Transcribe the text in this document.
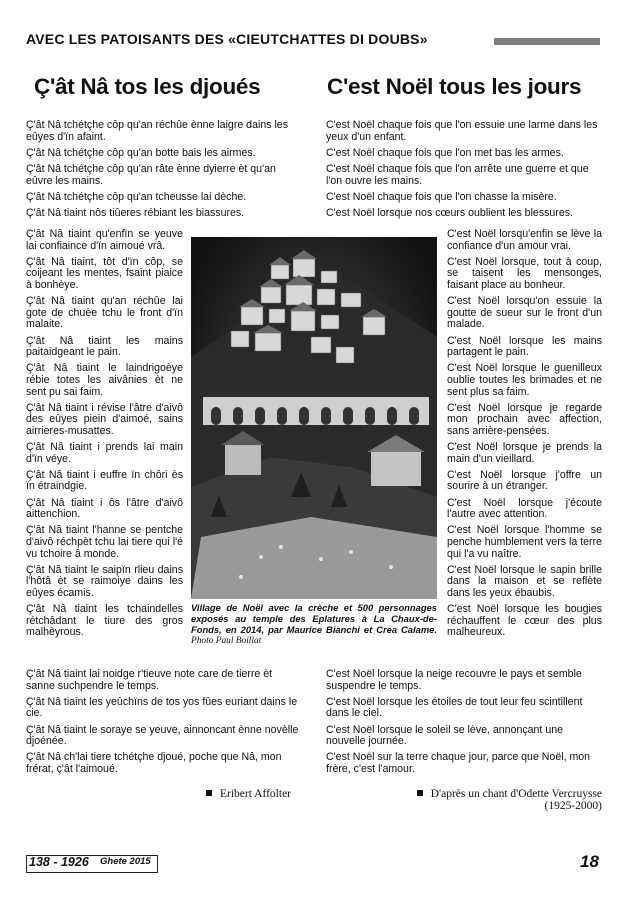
AVEC LES PATOISANTS DES «CIEUTCHATTES DI DOUBS»
Ç'ât Nâ tos les djoués	C'est Noël tous les jours

Ç'ât Nâ tchétçhe côp qu'an réchûe ènne laigre dains les eûyes d'ïn afaint.

Ç'ât Nâ tchétçhe côp qu'an botte bais les airmes.

Ç'ât Nâ tchétçhe côp qu'an râte ènne dyierre èt qu'an eûvre les mains.

Ç'ât Nâ tchétçhe côp qu'an tcheusse lai dèche.

Ç'ât Nâ tiaint nôs tiûeres rébiant les biassures.

Ç'ât Nâ tiaint qu'enfïn se yeuve lai confiaince d'ïn aimoué vrâ.

Ç'ât Nâ tiaint, tôt d'ïn côp, se coijeant les mentes, fsaint piaice à bonhèye.

Ç'ât Nâ tiaint qu'an réchûe lai gote de chuèe tchu le front d'ïn malaite.

Ç'ât Nâ tiaint les mains paitaidgeant le pain.

Ç'ât Nâ tiaint le laindrigoèye rébie totes les aivânies èt ne sent pu sai faim.

Ç'ât Nâ tiaint i révise l'âtre d'aivô des eûyes piein d'aimoé, sains airrieres-musattes.

Ç'ât Nâ tiaint i prends lai main d'ïn véye.

Ç'ât Nâ tiaint i euffre ïn chôri ès ïn étraindgie.

Ç'ât Nâ tiaint i ôs l'âtre d'aivô aittenchion.

Ç'ât Nâ tiaint l'hanne se pentche d'aivô réchpèt tchu lai tiere qui l'é vu tchoire â monde.

Ç'ât Nâ tiaint le saipïn rlieu dains l'hôtâ èt se raimoiye dains les eûyes écamis.

Ç'ât Nâ tiaint les tchaindelles rétchâdant le tiure des gros malhèyrous.

Ç'ât Nâ tiaint lai noidge r'tieuve note care de tierre èt sanne suchpendre le temps.

Ç'ât Nâ tiaint les yeûchïns de tos yos fûes euriant dains le cie.

Ç'ât Nâ tiaint le soraye se yeuve, ainnoncant ènne novèlle djoénée.

Ç'ât Nâ ch'lai tiere tchétçhe djoué, poche que Nâ, mon frérat, ç'ât l'aimoué.

C'est Noël chaque fois que l'on essuie une larme dans les yeux d'un enfant.

C'est Noël chaque fois que l'on met bas les armes.

C'est Noël chaque fois que l'on arrête une guerre et que l'on ouvre les mains.

C'est Noël chaque fois que l'on chasse la misère.

C'est Noël lorsque nos cœurs oublient les blessures.

C'est Noël lorsqu'enfin se lève la confiance d'un amour vrai.

C'est Noël lorsque, tout à coup, se taisent les mensonges, faisant place au bonheur.

C'est Noël lorsqu'on essuie la goutte de sueur sur le front d'un malade.

C'est Noël lorsque les mains partagent le pain.

C'est Noël lorsque le guenilleux oublie toutes les brimades et ne sent plus sa faim.

C'est Noël lorsque je regarde mon prochain avec affection, sans arrière-pensées.

C'est Noël lorsque je prends la main d'un vieillard.

C'est Noël lorsque j'offre un sourire à un étranger.

C'est Noël lorsque j'écoute l'autre avec attention.

C'est Noël lorsque l'homme se penche humblement vers la terre qui l'a vu naître.

C'est Noël lorsque le sapin brille dans la maison et se reflète dans les yeux ébaubis.

C'est Noël lorsque les bougies réchauffent le cœur des plus malheureux.

C'est Noël lorsque la neige recouvre le pays et semble suspendre le temps.

C'est Noël lorsque les étoiles de tout leur feu scintillent dans le ciel.

C'est Noël lorsque le soleil se lève, annonçant une nouvelle journée.

C'est Noël sur la terre chaque jour, parce que Noël, mon frère, c'est l'amour.

Village de Noël avec la crèche et 500 personnages exposés au temple des Eplatures à La Chaux-de-Fonds, en 2014, par Maurice Bianchi et Crea Calame. Photo Paul Boillat
Eribert Affolter	D'après un chant d'Odette Vercruysse
(1925-2000)
138 - 1926 Ghete 2015	18
